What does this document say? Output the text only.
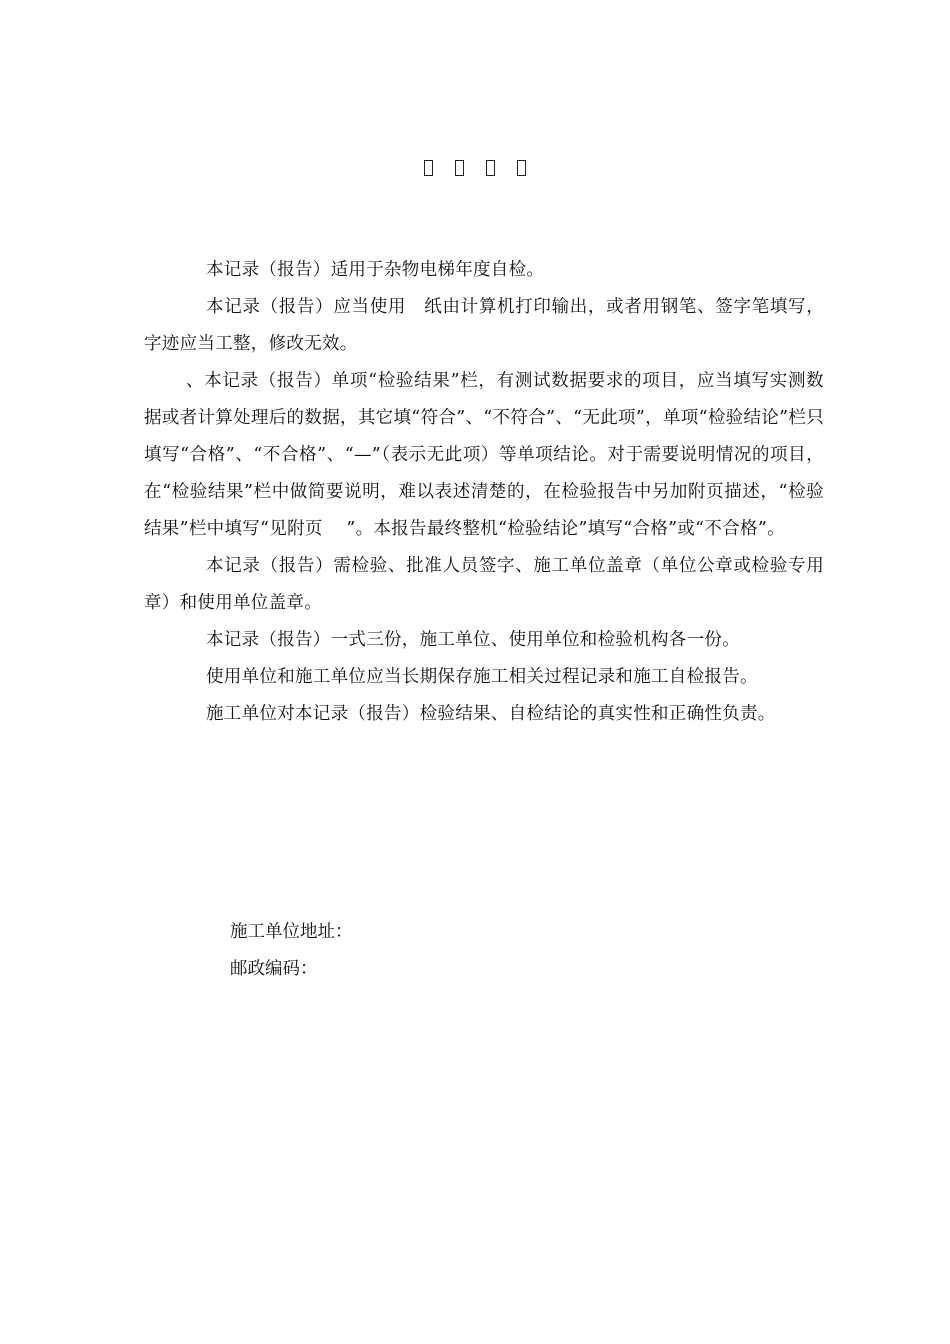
本记录（报告）适用于杂物电梯年度自检。

本记录（报告）应当使用　纸由计算机打印输出，或者用钢笔、签字笔填写，字迹应当工整，修改无效。

、本记录（报告）单项“检验结果”栏，有测试数据要求的项目，应当填写实测数据或者计算处理后的数据，其它填“符合”、“不符合”、“无此项”，单项“检验结论”栏只填写“合格”、“不合格”、“—”（表示无此项）等单项结论。对于需要说明情况的项目，在“检验结果”栏中做简要说明，难以表述清楚的，在检验报告中另加附页描述，“检验结果”栏中填写“见附页　 ”。本报告最终整机“检验结论”填写“合格”或“不合格”。

本记录（报告）需检验、批准人员签字、施工单位盖章（单位公章或检验专用章）和使用单位盖章。

本记录（报告）一式三份，施工单位、使用单位和检验机构各一份。

使用单位和施工单位应当长期保存施工相关过程记录和施工自检报告。

施工单位对本记录（报告）检验结果、自检结论的真实性和正确性负责。

施工单位地址：
邮政编码：
